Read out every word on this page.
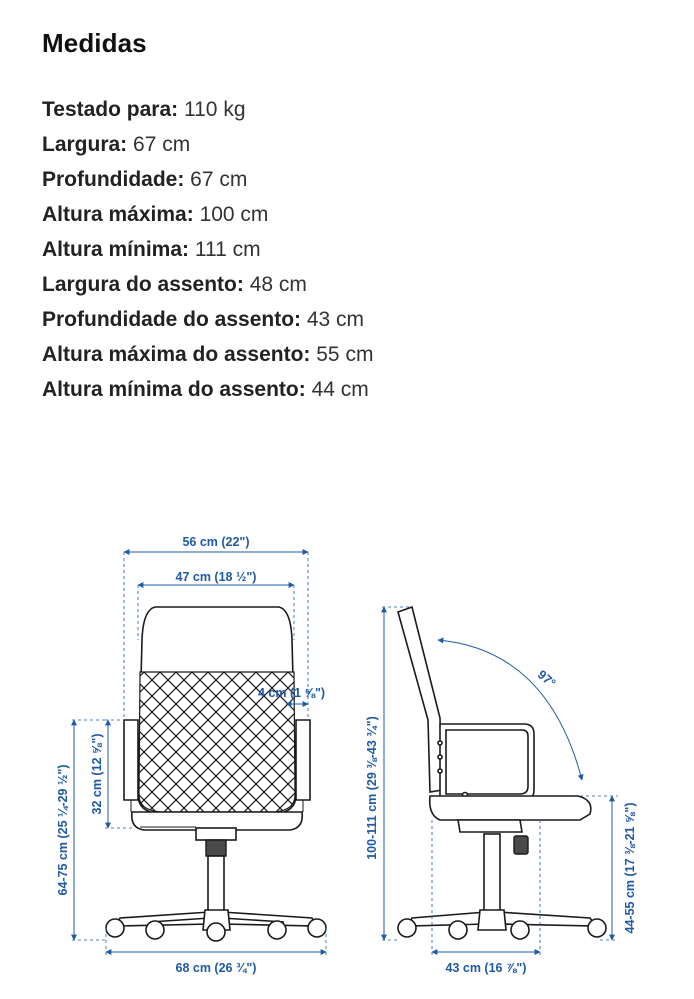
Medidas
Testado para: 110 kg
Largura: 67 cm
Profundidade: 67 cm
Altura máxima: 100 cm
Altura mínima: 111 cm
Largura do assento: 48 cm
Profundidade do assento: 43 cm
Altura máxima do assento: 55 cm
Altura mínima do assento: 44 cm
56 cm (22")
47 cm (18 ½")
4 cm (1 ⅝")
32 cm (12 ⅝")
64-75 cm (25 ¼-29 ½")
68 cm (26 ¾")
100-111 cm (29 ⅜-43 ¾")
97°
44-55 cm (17 ⅜-21 ⅝")
43 cm (16 ⅞")
